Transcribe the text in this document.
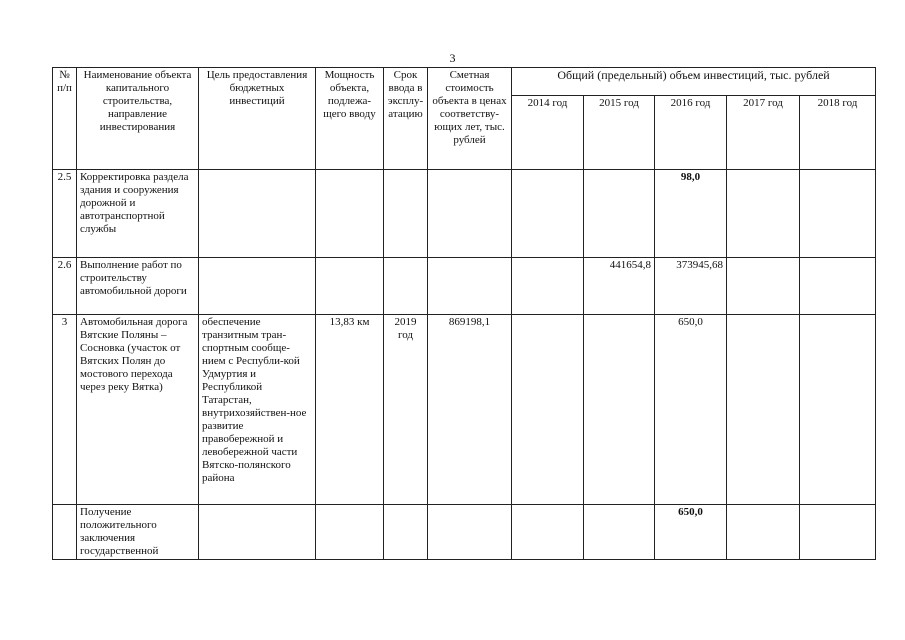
3
№ п/п	Наименование объекта капитального строительства, направление инвестирования	Цель предоставления бюджетных инвестиций	Мощность объекта, подлежа-щего вводу	Срок ввода в эксплу-атацию	Сметная стоимость объекта в ценах соответству-ющих лет, тыс. рублей	Общий (предельный) объем инвестиций, тыс. рублей				
						2014 год	2015 год	2016 год	2017 год	2018 год
2.5	Корректировка раздела здания и сооружения дорожной и автотранспортной службы							98,0		
2.6	Выполнение работ по строительству автомобильной дороги						441654,8	373945,68		
3	Автомобильная дорога Вятские Поляны – Сосновка (участок от Вятских Полян до мостового перехода через реку Вятка)	обеспечение транзитным тран-спортным сообще-нием с Республи-кой Удмуртия и Республикой Татарстан, внутрихозяйствен-ное развитие правобережной и левобережной части Вятско-полянского района	13,83 км	2019 год	869198,1			650,0		
	Получение положительного заключения государственной							650,0		
